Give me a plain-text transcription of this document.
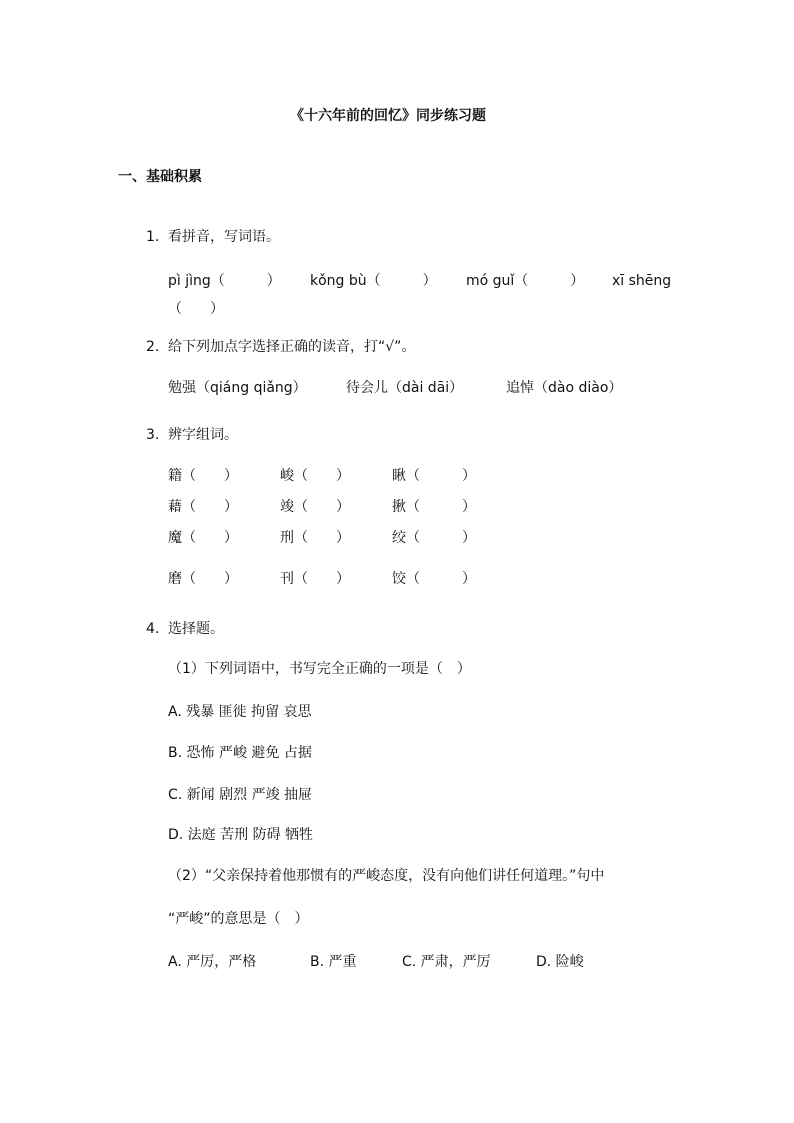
《十六年前的回忆》同步练习题
一、基础积累
1. 看拼音，写词语。
pì jìng（　　　） kǒng bù（　　　） mó guǐ（　　　） xī shēng
（　　）
2. 给下列加点字选择正确的读音，打“√”。
勉强（qiáng qiǎng）	待会儿（dài dāi）	追悼（dào diào）
3. 辨字组词。
籍（　　）	峻（　　）	瞅（　　　）
藉（　　）	竣（　　）	揪（　　　）
魔（　　）	刑（　　）	绞（　　　）
磨（　　）	刊（　　）	饺（　　　）
4. 选择题。
（1）下列词语中，书写完全正确的一项是（　）
A. 残暴 匪徙 拘留 哀思
B. 恐怖 严峻 避免 占据
C. 新闻 剧烈 严竣 抽屉
D. 法庭 苦刑 防碍 牺牲
（2）“父亲保持着他那惯有的严峻态度，没有向他们讲任何道理。”句中
“严峻”的意思是（　）
A. 严厉，严格	B. 严重	C. 严肃，严厉	D. 险峻
